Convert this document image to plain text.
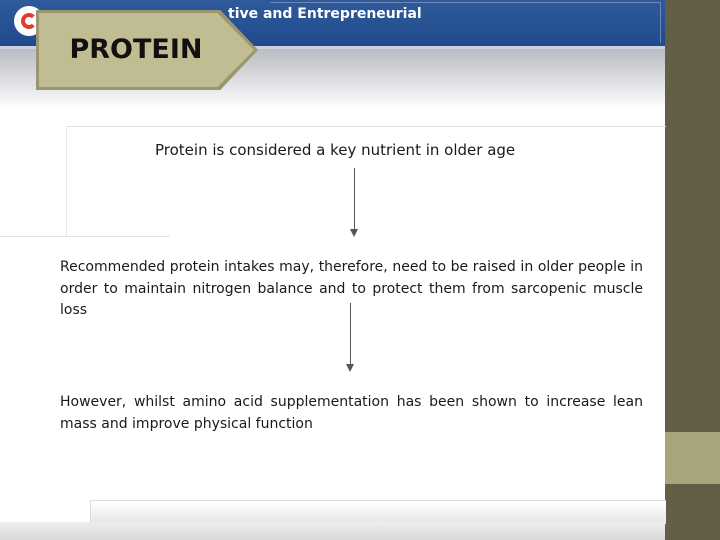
tive and Entrepreneurial
PROTEIN
Protein is considered a key nutrient in older age
Recommended protein intakes may, therefore, need to be raised in older people in order to maintain nitrogen balance and to protect them from sarcopenic muscle loss
However, whilst amino acid supplementation has been shown to increase lean mass and improve physical function
